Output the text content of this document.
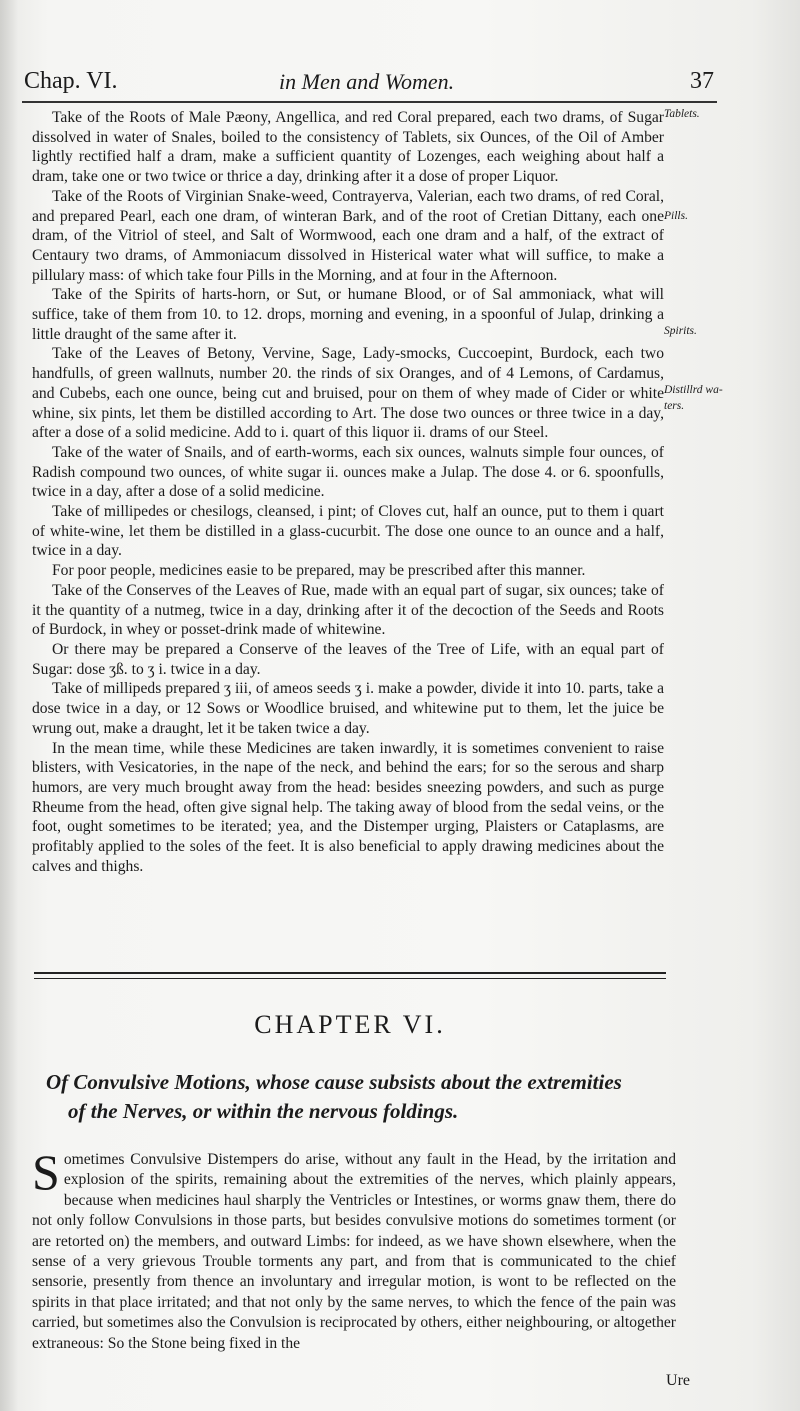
Chap. VI.	in Men and Women.	37

Take of the Roots of Male Pæony, Angellica, and red Coral prepared, each two drams, of Sugar dissolved in water of Snales, boiled to the consistency of Tablets, six Ounces, of the Oil of Amber lightly rectified half a dram, make a sufficient quantity of Lozenges, each weighing about half a dram, take one or two twice or thrice a day, drinking after it a dose of proper Liquor.

Take of the Roots of Virginian Snake-weed, Contrayerva, Valerian, each two drams, of red Coral, and prepared Pearl, each one dram, of winteran Bark, and of the root of Cretian Dittany, each one dram, of the Vitriol of steel, and Salt of Wormwood, each one dram and a half, of the extract of Centaury two drams, of Ammoniacum dissolved in Histerical water what will suffice, to make a pillulary mass: of which take four Pills in the Morning, and at four in the Afternoon.

Take of the Spirits of harts-horn, or Sut, or humane Blood, or of Sal ammoniack, what will suffice, take of them from 10. to 12. drops, morning and evening, in a spoonful of Julap, drinking a little draught of the same after it.

Take of the Leaves of Betony, Vervine, Sage, Lady-smocks, Cuccoepint, Burdock, each two handfulls, of green wallnuts, number 20. the rinds of six Oranges, and of 4 Lemons, of Cardamus, and Cubebs, each one ounce, being cut and bruised, pour on them of whey made of Cider or white whine, six pints, let them be distilled according to Art. The dose two ounces or three twice in a day, after a dose of a solid medicine. Add to i. quart of this liquor ii. drams of our Steel.

Take of the water of Snails, and of earth-worms, each six ounces, walnuts simple four ounces, of Radish compound two ounces, of white sugar ii. ounces make a Julap. The dose 4. or 6. spoonfulls, twice in a day, after a dose of a solid medicine.

Take of millipedes or chesilogs, cleansed, i pint; of Cloves cut, half an ounce, put to them i quart of white-wine, let them be distilled in a glass-cucurbit. The dose one ounce to an ounce and a half, twice in a day.

For poor people, medicines easie to be prepared, may be prescribed after this manner.

Take of the Conserves of the Leaves of Rue, made with an equal part of sugar, six ounces; take of it the quantity of a nutmeg, twice in a day, drinking after it of the decoction of the Seeds and Roots of Burdock, in whey or posset-drink made of whitewine.

Or there may be prepared a Conserve of the leaves of the Tree of Life, with an equal part of Sugar: dose ʒß. to ʒ i. twice in a day.

Take of millipeds prepared ʒ iii, of ameos seeds ʒ i. make a powder, divide it into 10. parts, take a dose twice in a day, or 12 Sows or Woodlice bruised, and whitewine put to them, let the juice be wrung out, make a draught, let it be taken twice a day.

In the mean time, while these Medicines are taken inwardly, it is sometimes convenient to raise blisters, with Vesicatories, in the nape of the neck, and behind the ears; for so the serous and sharp humors, are very much brought away from the head: besides sneezing powders, and such as purge Rheume from the head, often give signal help. The taking away of blood from the sedal veins, or the foot, ought sometimes to be iterated; yea, and the Distemper urging, Plaisters or Cataplasms, are profitably applied to the soles of the feet. It is also beneficial to apply drawing medicines about the calves and thighs.

Tablets.
Pills.
Spirits.
Distillrd wa-
ters.
CHAPTER VI.
Of Convulsive Motions, whose cause subsists about the extremities
of the Nerves, or within the nervous foldings.
Sometimes Convulsive Distempers do arise, without any fault in the Head, by the irritation and explosion of the spirits, remaining about the extremities of the nerves, which plainly appears, because when medicines haul sharply the Ventricles or Intestines, or worms gnaw them, there do not only follow Convulsions in those parts, but besides convulsive motions do sometimes torment (or are retorted on) the members, and outward Limbs: for indeed, as we have shown elsewhere, when the sense of a very grievous Trouble torments any part, and from that is communicated to the chief sensorie, presently from thence an involuntary and irregular motion, is wont to be reflected on the spirits in that place irritated; and that not only by the same nerves, to which the fence of the pain was carried, but sometimes also the Convulsion is reciprocated by others, either neighbouring, or altogether extraneous: So the Stone being fixed in the
Ure
